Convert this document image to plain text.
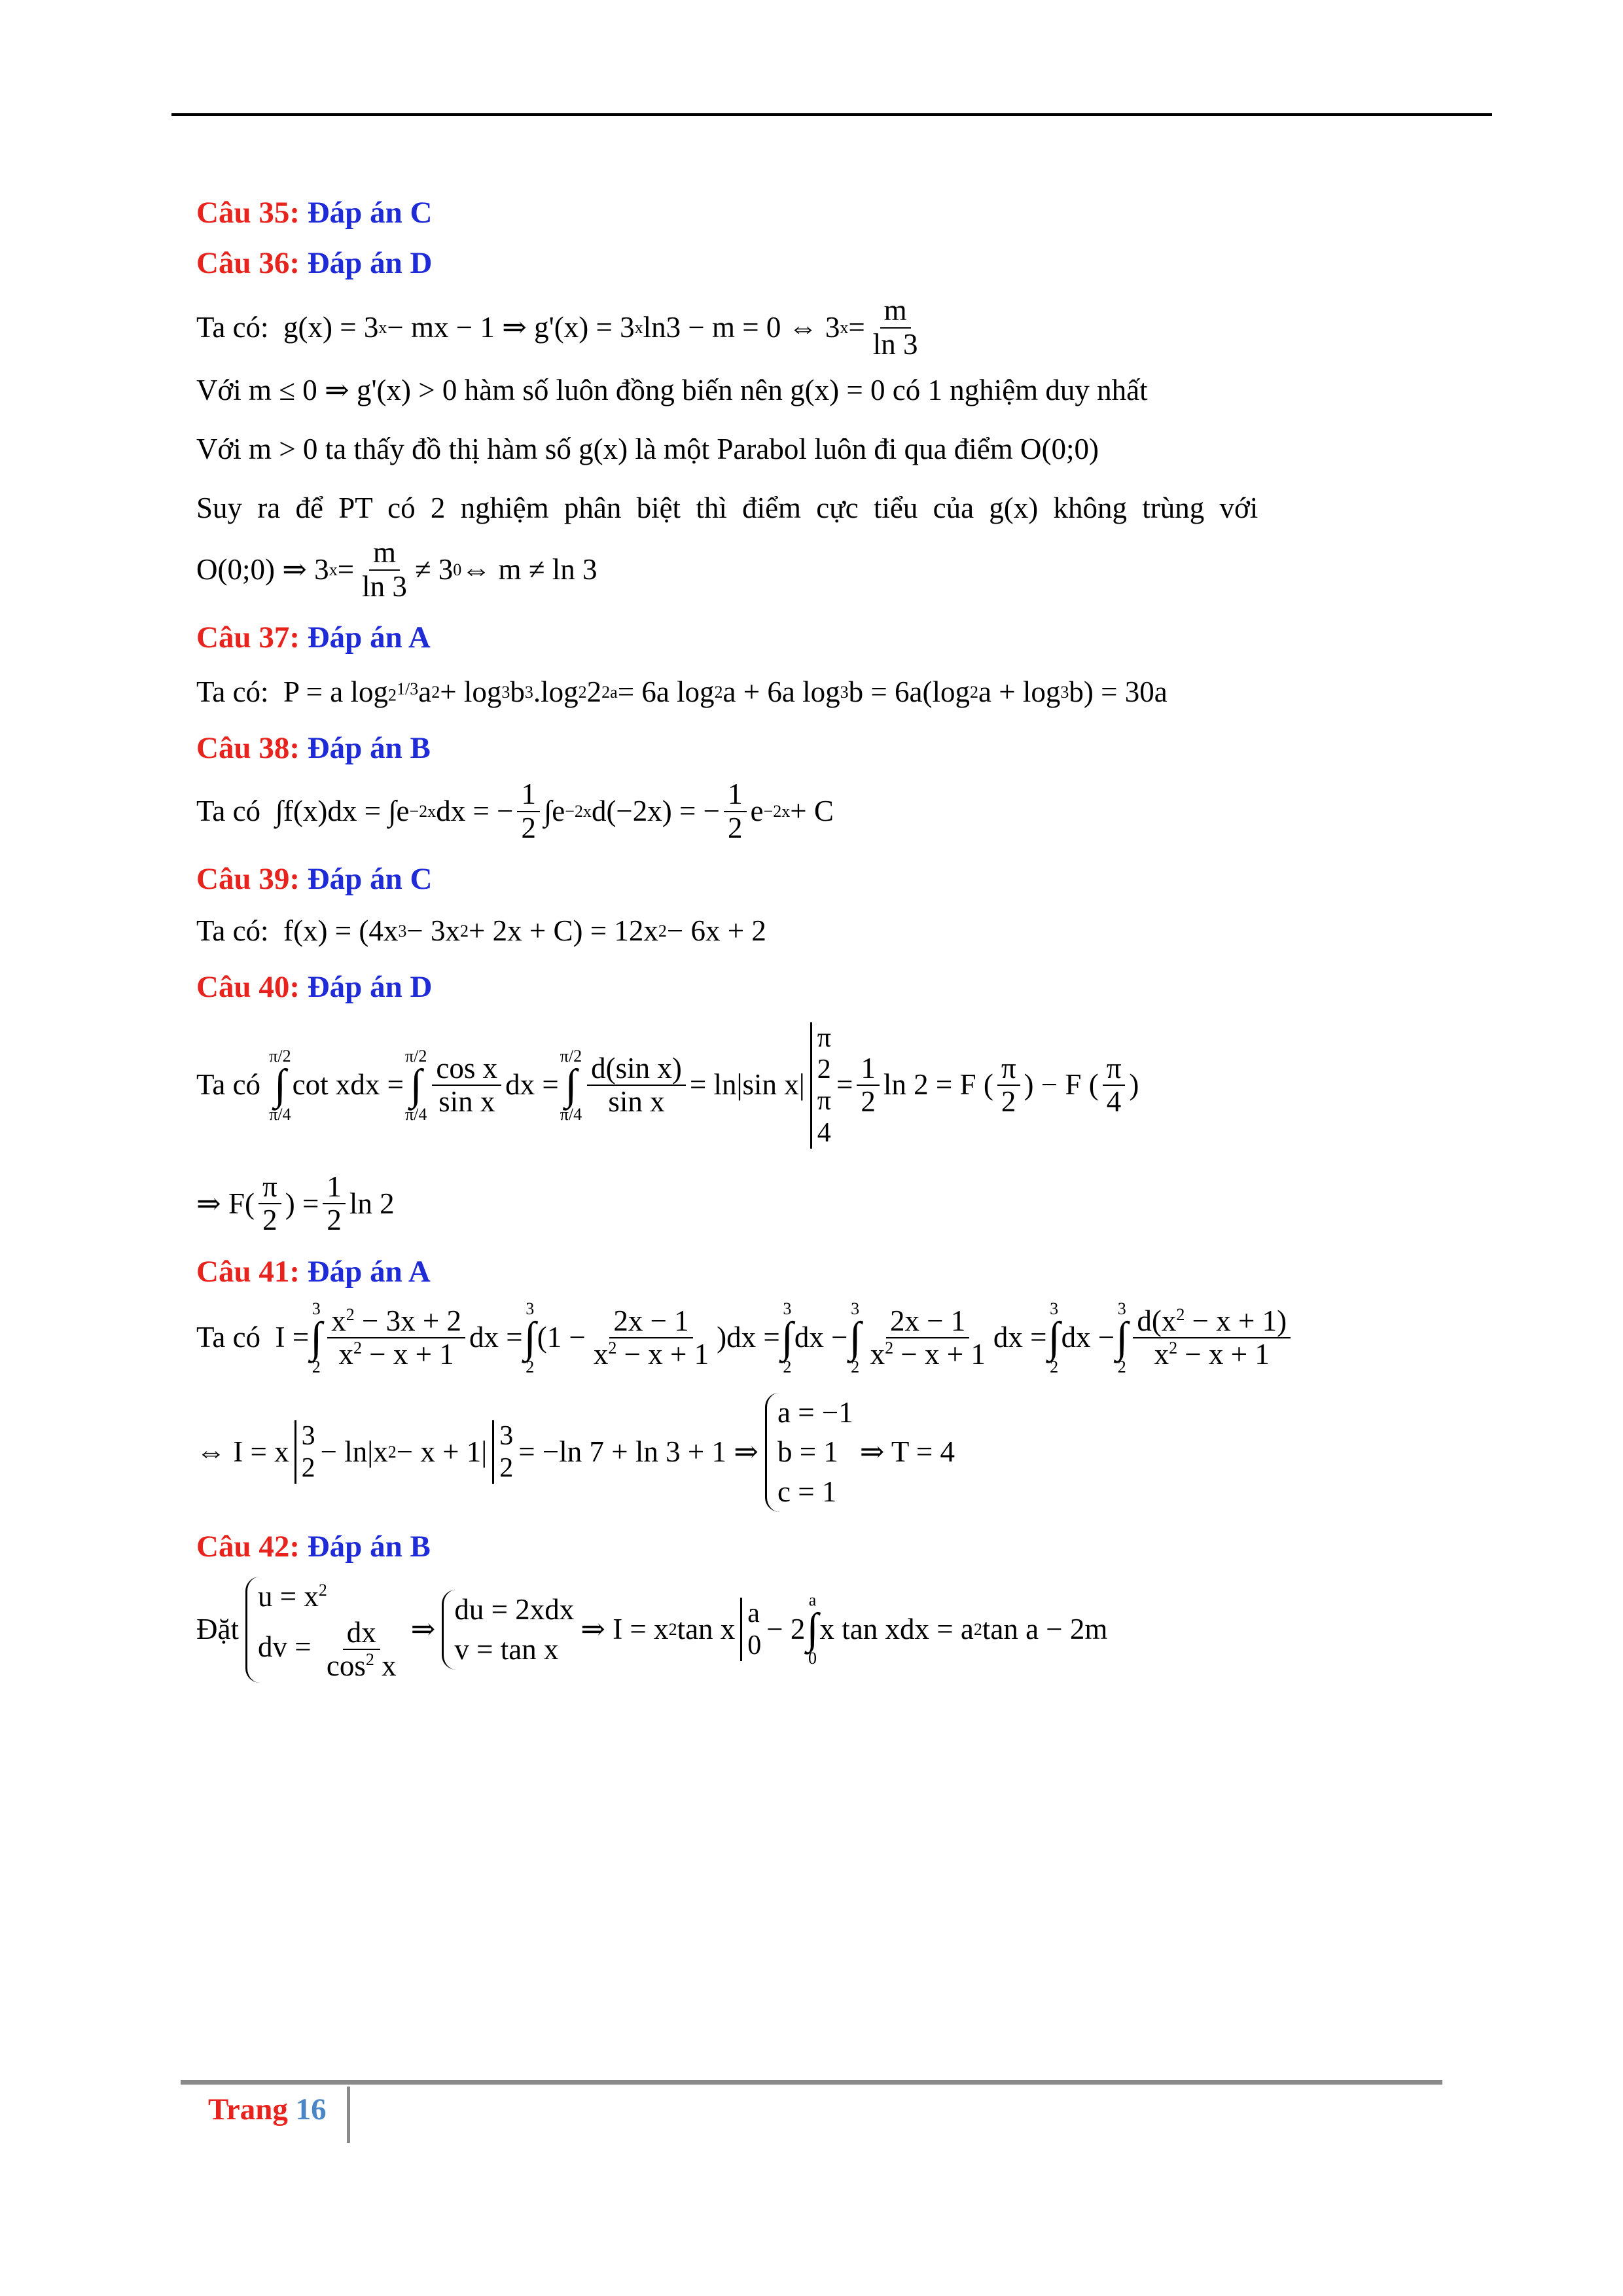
Câu 35: Đáp án C

Câu 36: Đáp án D

Ta có: g(x) = 3 x − mx − 1 ⇒ g'(x) = 3 x ln3 − m = 0 ⇔ 3 $x = \frac{m}{\ln 3}$
Với m ≤ 0 ⇒ g'(x) > 0 hàm số luôn đồng biến nên g(x) = 0 có 1 nghiệm duy nhất
Với m > 0 ta thấy đồ thị hàm số g(x) là một Parabol luôn đi qua điểm O(0;0)
Suy ra để PT có 2 nghiệm phân biệt thì điểm cực tiểu của g(x) không trùng với
O(0;0) ⇒ 3 $x = \frac{m}{\ln 3} \ne 3$ 0 ⇔ m ≠ ln 3

Câu 37: Đáp án A

Ta có: P = a $\log 2^{1/3}$ a 2 + log 3 b 3 .log 2 2 2a = 6a log 2 a + 6a log 3 b = 6a(log 2 a + log 3 b) = 30a

Câu 38: Đáp án B

Ta có ∫f(x)dx = ∫e −2x dx = − $\frac{1}{2} \int e -2x$ d(−2x) = − $\frac{1}{2}$ e −2x + C

Câu 39: Đáp án C

Ta có: f(x) = (4x 3 − 3x 2 + 2x + C) = 12x 2 − 6x + 2

Câu 40: Đáp án D

Ta có

π/2
∫
π/4
cot xdx =
π/2
∫
$\pi/4 \frac{\text{cos x}}{\text{sin x}}$ dx =
π/2
∫
$\pi/4 \frac{\text{d(sin x)}}{\text{sin x}} = \ln|\sin$ x|
π
2
π
4
= $\frac{1}{2}$ ln 2 = F ( $\frac{\pi}{2}$ ) − F ( $\frac{\pi}{4}$ )
⇒ $F( \frac{\pi}{2}$ ) = $\frac{1}{2}$ ln 2

Câu 41: Đáp án A

Ta có I =
3
∫
$2 \frac{x^2 - 3x + 2}{x^2 - x + 1}$ dx =
3
∫
2
$(1 - \frac{2x - 1}{x^2 - x + 1} )dx$ =
3
∫
2
dx −
3
∫
$2 \frac{2x - 1}{x^2 - x + 1}$ dx =
3
∫
2
dx −
3
∫
$2 \frac{d(x^2 - x + 1)}{x^2 - x + 1}$
⇔ I = x 3
2 − ln|x 2 − x + 1| 3
2 = −ln 7 + ln 3 + 1 ⇒
a = −1
b = 1
c = 1
⇒ T = 4

Câu 42: Đáp án B

Đặt
$u = x^2$
dv = $\frac{dx}{\cos^2 x}$ ⇒
du = 2xdx
v = tan x
⇒ I = x 2 tan x a
0 − 2
a
∫
0
x tan xdx = a 2 tan a − 2m
Trang 16
